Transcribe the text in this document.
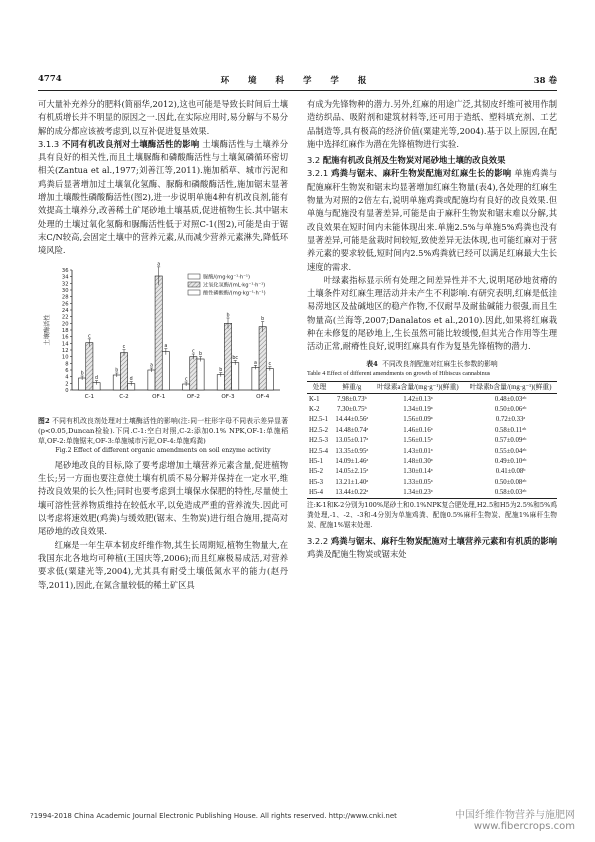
4774	环 境 科 学 学 报	38 卷

可大量补充养分的肥料(简丽华,2012),这也可能是导致长时间后土壤有机质增长并不明显的原因之一.因此,在实际应用时,易分解与不易分解的成分都应该被考虑到,以互补促进复垦效果.

3.1.3 不同有机改良剂对土壤酶活性的影响 土壤酶活性与土壤养分具有良好的相关性,而且土壤脲酶和磷酸酶活性与土壤氮磷循环密切相关(Zantua et al.,1977;刘善江等,2011).施加稻草、城市污泥和鸡粪后显著增加过土壤氧化氢酶、脲酶和磷酸酶活性,施加锯末显著增加土壤酸性磷酸酶活性(图2),进一步说明单施4种有机改良剂,能有效提高土壤养分,改善稀土矿尾砂地土壤基质,促进植物生长.其中锯末处理的土壤过氧化氢酶和脲酶活性低于对照C-1(图2),可能是由于锯末C/N较高,会固定土壤中的营养元素,从而减少营养元素淋失,降低环境风险.

0
2
4
6
8
10
12
14
16
18
20
22
24
26
28
30
32
34
36
土壤酶活性
C-1	C-2	OF-1	OF-2	OF-3	OF-4
b
c
d
b
c
d
a
a
a
c
c
b
b
b
bc
a
b
c
脲酶/(mg·kg⁻¹·h⁻¹)
过氧化氢酶/(mL·kg⁻¹·h⁻¹)
酸性磷酸酶/(mg·kg⁻¹·h⁻¹)

图2 不同有机改良剂处理对土壤酶活性的影响(注:同一柱形字母不同表示差异显著(p<0.05,Duncan检验).下同.C-1:空白对照,C-2:添加0.1% NPK,OF-1:单施稻草,OF-2:单施锯末,OF-3:单施城市污泥,OF-4:单施鸡粪)

Fig.2 Effect of different organic amendments on soil enzyme activity

尾砂地改良的目标,除了要考虑增加土壤营养元素含量,促进植物生长;另一方面也要注意使土壤有机质不易分解并保持在一定水平,维持改良效果的长久性;同时也要考虑到土壤保水保肥的特性,尽量使土壤可溶性营养物质维持在较低水平,以免造成严重的营养流失.因此可以考虑将速效肥(鸡粪)与缓效肥(锯末、生物炭)进行组合施用,提高对尾砂地的改良效果.

红麻是一年生草本韧皮纤维作物,其生长周期短,植物生物量大,在我国东北各地均可种植(王国庆等,2006);而且红麻极易成活,对营养要求低(粟建光等,2004),尤其具有耐受土壤低氮水平的能力(赵丹等,2011),因此,在氮含量较低的稀土矿区具

有成为先锋物种的潜力.另外,红麻的用途广泛,其韧皮纤维可被用作制造纺织品、吸附剂和建筑材料等,还可用于造纸、塑料填充剂、工艺品制造等,具有极高的经济价值(粟建光等,2004).基于以上原因,在配施中选择红麻作为潜在先锋植物进行实验.

3.2 配施有机改良剂及生物炭对尾砂地土壤的改良效果

3.2.1 鸡粪与锯末、麻秆生物炭配施对红麻生长的影响 单施鸡粪与配施麻秆生物炭和锯末均显著增加红麻生物量(表4),各处理的红麻生物量为对照的2倍左右,说明单施鸡粪或配施均有良好的改良效果.但单施与配施没有显著差异,可能是由于麻秆生物炭和锯末难以分解,其改良效果在短时间内未能体现出来.单施2.5%与单施5%鸡粪也没有显著差异,可能是盆栽时间较短,致使差异无法体现,也可能红麻对于营养元素的要求较低,短时间内2.5%鸡粪就已经可以满足红麻最大生长速度的需求.

叶绿素指标显示所有处理之间差异性并不大,说明尾砂地贫瘠的土壤条件对红麻生理活动并未产生不利影响.有研究表明,红麻是低洼易涝地区及盐碱地区的稳产作物,不仅耐旱及耐盐碱能力很强,而且生物量高(兰海等,2007;Danalatos et al.,2010).因此,如果将红麻栽种在未修复的尾砂地上,生长虽然可能比较缓慢,但其光合作用等生理活动正常,耐瘠性良好,说明红麻具有作为复垦先锋植物的潜力.

表4 不同改良剂配施对红麻生长参数的影响

Table 4 Effect of different amendments on growth of Hibiscus cannabinus

处理	鲜重/g	叶绿素a含量/(mg·g⁻¹)(鲜重)	叶绿素b含量/(mg·g⁻¹)(鲜重)
K-1	7.98±0.73ᵇ	1.42±0.13ᵃ	0.48±0.03ᵃᵇ
K-2	7.30±0.75ᵇ	1.34±0.19ᵃ	0.50±0.06ᵃᵇ
H2.5-1	14.44±0.56ᵃ	1.56±0.09ᵃ	0.72±0.33ᵃ
H2.5-2	14.48±0.74ᵃ	1.46±0.16ᵃ	0.58±0.11ᵃᵇ
H2.5-3	13.05±0.17ᵃ	1.56±0.15ᵃ	0.57±0.09ᵃᵇ
H2.5-4	13.35±0.95ᵃ	1.43±0.01ᵃ	0.55±0.04ᵃᵇ
H5-1	14.09±1.46ᵃ	1.48±0.30ᵃ	0.49±0.10ᵃᵇ
H5-2	14.05±2.15ᵃ	1.30±0.14ᵃ	0.41±0.08ᵇ
H5-3	13.21±1.40ᵃ	1.33±0.05ᵃ	0.50±0.08ᵃᵇ
H5-4	13.44±0.22ᵃ	1.34±0.23ᵃ	0.58±0.03ᵃᵇ

注:K-1和K-2分别为100%尾砂土和0.1%NPK复合肥处理,H2.5和H5为2.5%和5%鸡粪处理,-1、-2、-3和-4分别为单施鸡粪、配施0.5%麻秆生物炭、配施1%麻秆生物炭、配施1%锯末处理.

3.2.2 鸡粪与锯末、麻秆生物炭配施对土壤营养元素和有机质的影响 鸡粪及配施生物炭或锯末处

?1994-2018 China Academic Journal Electronic Publishing House. All rights reserved. http://www.cnki.net	中国纤维作物营养与施肥网
www.fibercrops.com
